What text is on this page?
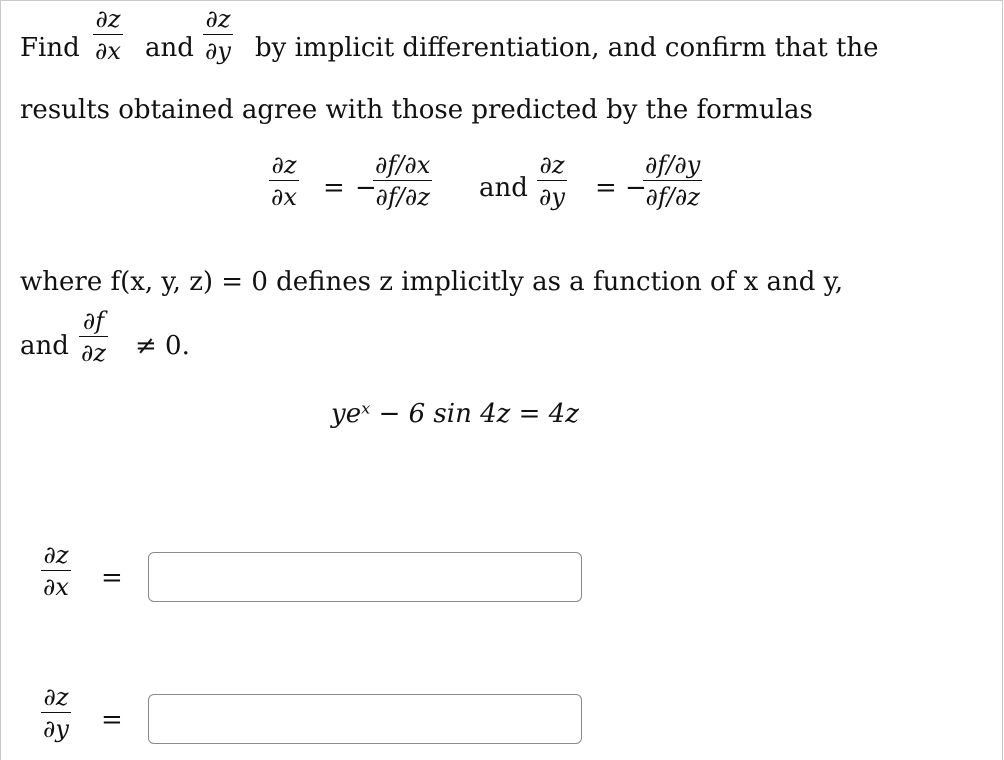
Find
∂z
∂x and
∂z
∂y by implicit differentiation, and confirm that the
results obtained agree with those predicted by the formulas
∂z
∂x = −
∂f/∂x
∂f/∂z and
∂z
∂y = −
∂f/∂y
∂f/∂z
where f(x, y, z) = 0 defines z implicitly as a function of x and y,
and
∂f
∂z ≠ 0.
yeˣ − 6 sin 4z = 4z
∂z
∂x =
∂z
∂y =
